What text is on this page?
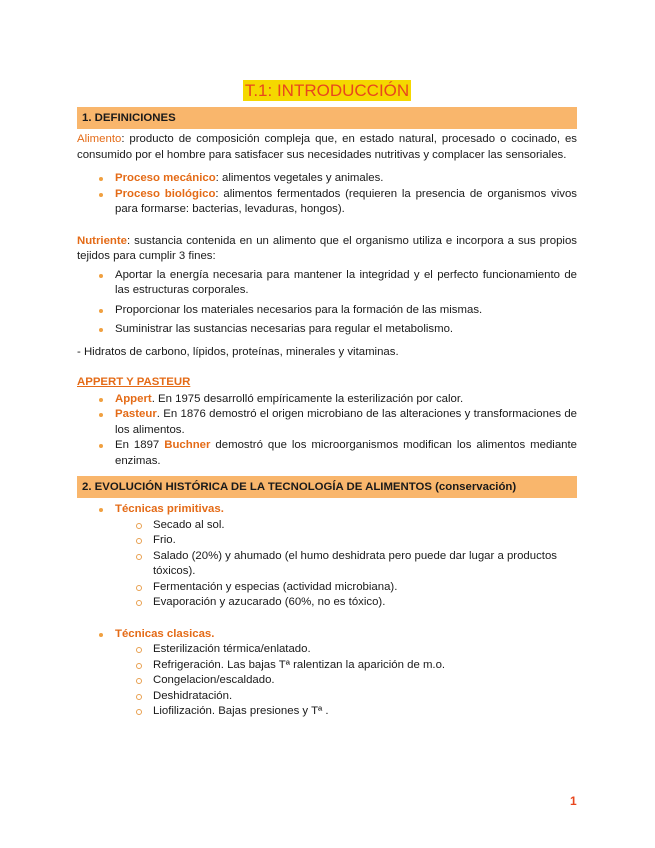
T.1: INTRODUCCIÓN
1. DEFINICIONES

Alimento: producto de composición compleja que, en estado natural, procesado o cocinado, es consumido por el hombre para satisfacer sus necesidades nutritivas y complacer las sensoriales.

Proceso mecánico: alimentos vegetales y animales.
Proceso biológico: alimentos fermentados (requieren la presencia de organismos vivos para formarse: bacterias, levaduras, hongos).

Nutriente: sustancia contenida en un alimento que el organismo utiliza e incorpora a sus propios tejidos para cumplir 3 fines:

Aportar la energía necesaria para mantener la integridad y el perfecto funcionamiento de las estructuras corporales.
Proporcionar los materiales necesarios para la formación de las mismas.
Suministrar las sustancias necesarias para regular el metabolismo.

- Hidratos de carbono, lípidos, proteínas, minerales y vitaminas.

APPERT Y PASTEUR

Appert. En 1975 desarrolló empíricamente la esterilización por calor.
Pasteur. En 1876 demostró el origen microbiano de las alteraciones y transformaciones de los alimentos.
En 1897 Buchner demostró que los microorganismos modifican los alimentos mediante enzimas.
2. EVOLUCIÓN HISTÓRICA DE LA TECNOLOGÍA DE ALIMENTOS (conservación)
Técnicas primitivas.
Secado al sol.
Frio.
Salado (20%) y ahumado (el humo deshidrata pero puede dar lugar a productos tóxicos).
Fermentación y especias (actividad microbiana).
Evaporación y azucarado (60%, no es tóxico).
Técnicas clasicas.
Esterilización térmica/enlatado.
Refrigeración. Las bajas Tª ralentizan la aparición de m.o.
Congelacion/escaldado.
Deshidratación.
Liofilización. Bajas presiones y Tª .
1
